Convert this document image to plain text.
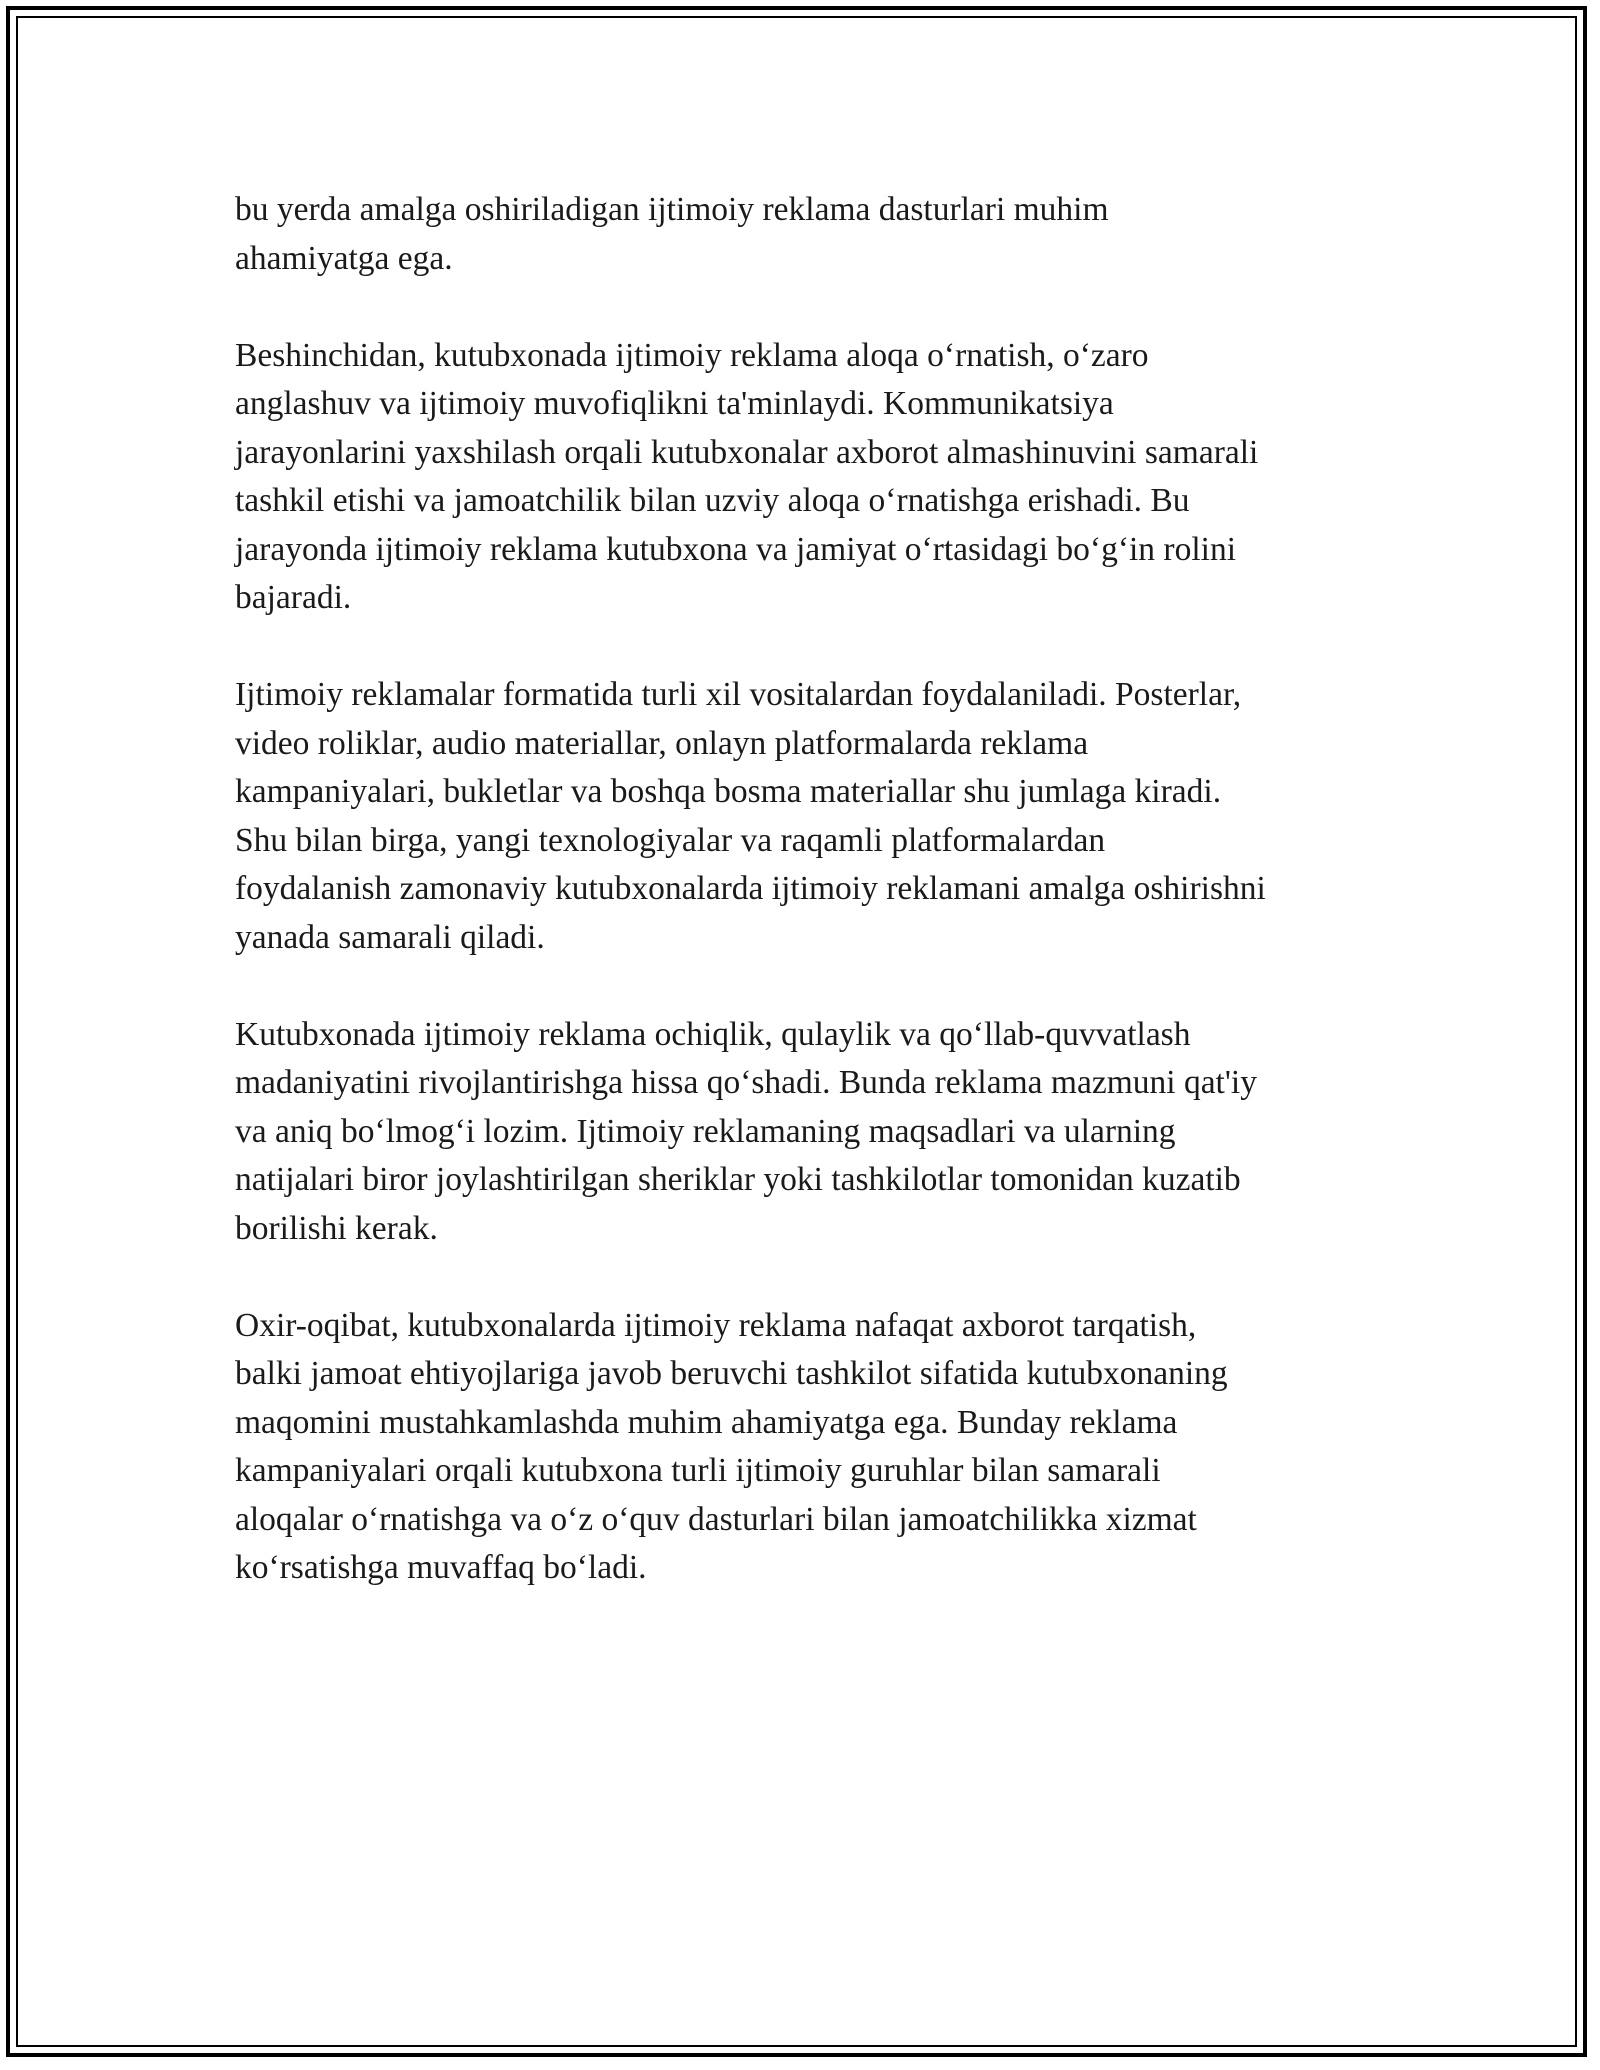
bu yerda amalga oshiriladigan ijtimoiy reklama dasturlari muhim
ahamiyatga ega.

Beshinchidan, kutubxonada ijtimoiy reklama aloqa o‘rnatish, o‘zaro
anglashuv va ijtimoiy muvofiqlikni ta'minlaydi. Kommunikatsiya
jarayonlarini yaxshilash orqali kutubxonalar axborot almashinuvini samarali
tashkil etishi va jamoatchilik bilan uzviy aloqa o‘rnatishga erishadi. Bu
jarayonda ijtimoiy reklama kutubxona va jamiyat o‘rtasidagi bo‘g‘in rolini
bajaradi.

Ijtimoiy reklamalar formatida turli xil vositalardan foydalaniladi. Posterlar,
video roliklar, audio materiallar, onlayn platformalarda reklama
kampaniyalari, bukletlar va boshqa bosma materiallar shu jumlaga kiradi.
Shu bilan birga, yangi texnologiyalar va raqamli platformalardan
foydalanish zamonaviy kutubxonalarda ijtimoiy reklamani amalga oshirishni
yanada samarali qiladi.

Kutubxonada ijtimoiy reklama ochiqlik, qulaylik va qo‘llab-quvvatlash
madaniyatini rivojlantirishga hissa qo‘shadi. Bunda reklama mazmuni qat'iy
va aniq bo‘lmog‘i lozim. Ijtimoiy reklamaning maqsadlari va ularning
natijalari biror joylashtirilgan sheriklar yoki tashkilotlar tomonidan kuzatib
borilishi kerak.

Oxir-oqibat, kutubxonalarda ijtimoiy reklama nafaqat axborot tarqatish,
balki jamoat ehtiyojlariga javob beruvchi tashkilot sifatida kutubxonaning
maqomini mustahkamlashda muhim ahamiyatga ega. Bunday reklama
kampaniyalari orqali kutubxona turli ijtimoiy guruhlar bilan samarali
aloqalar o‘rnatishga va o‘z o‘quv dasturlari bilan jamoatchilikka xizmat
ko‘rsatishga muvaffaq bo‘ladi.
